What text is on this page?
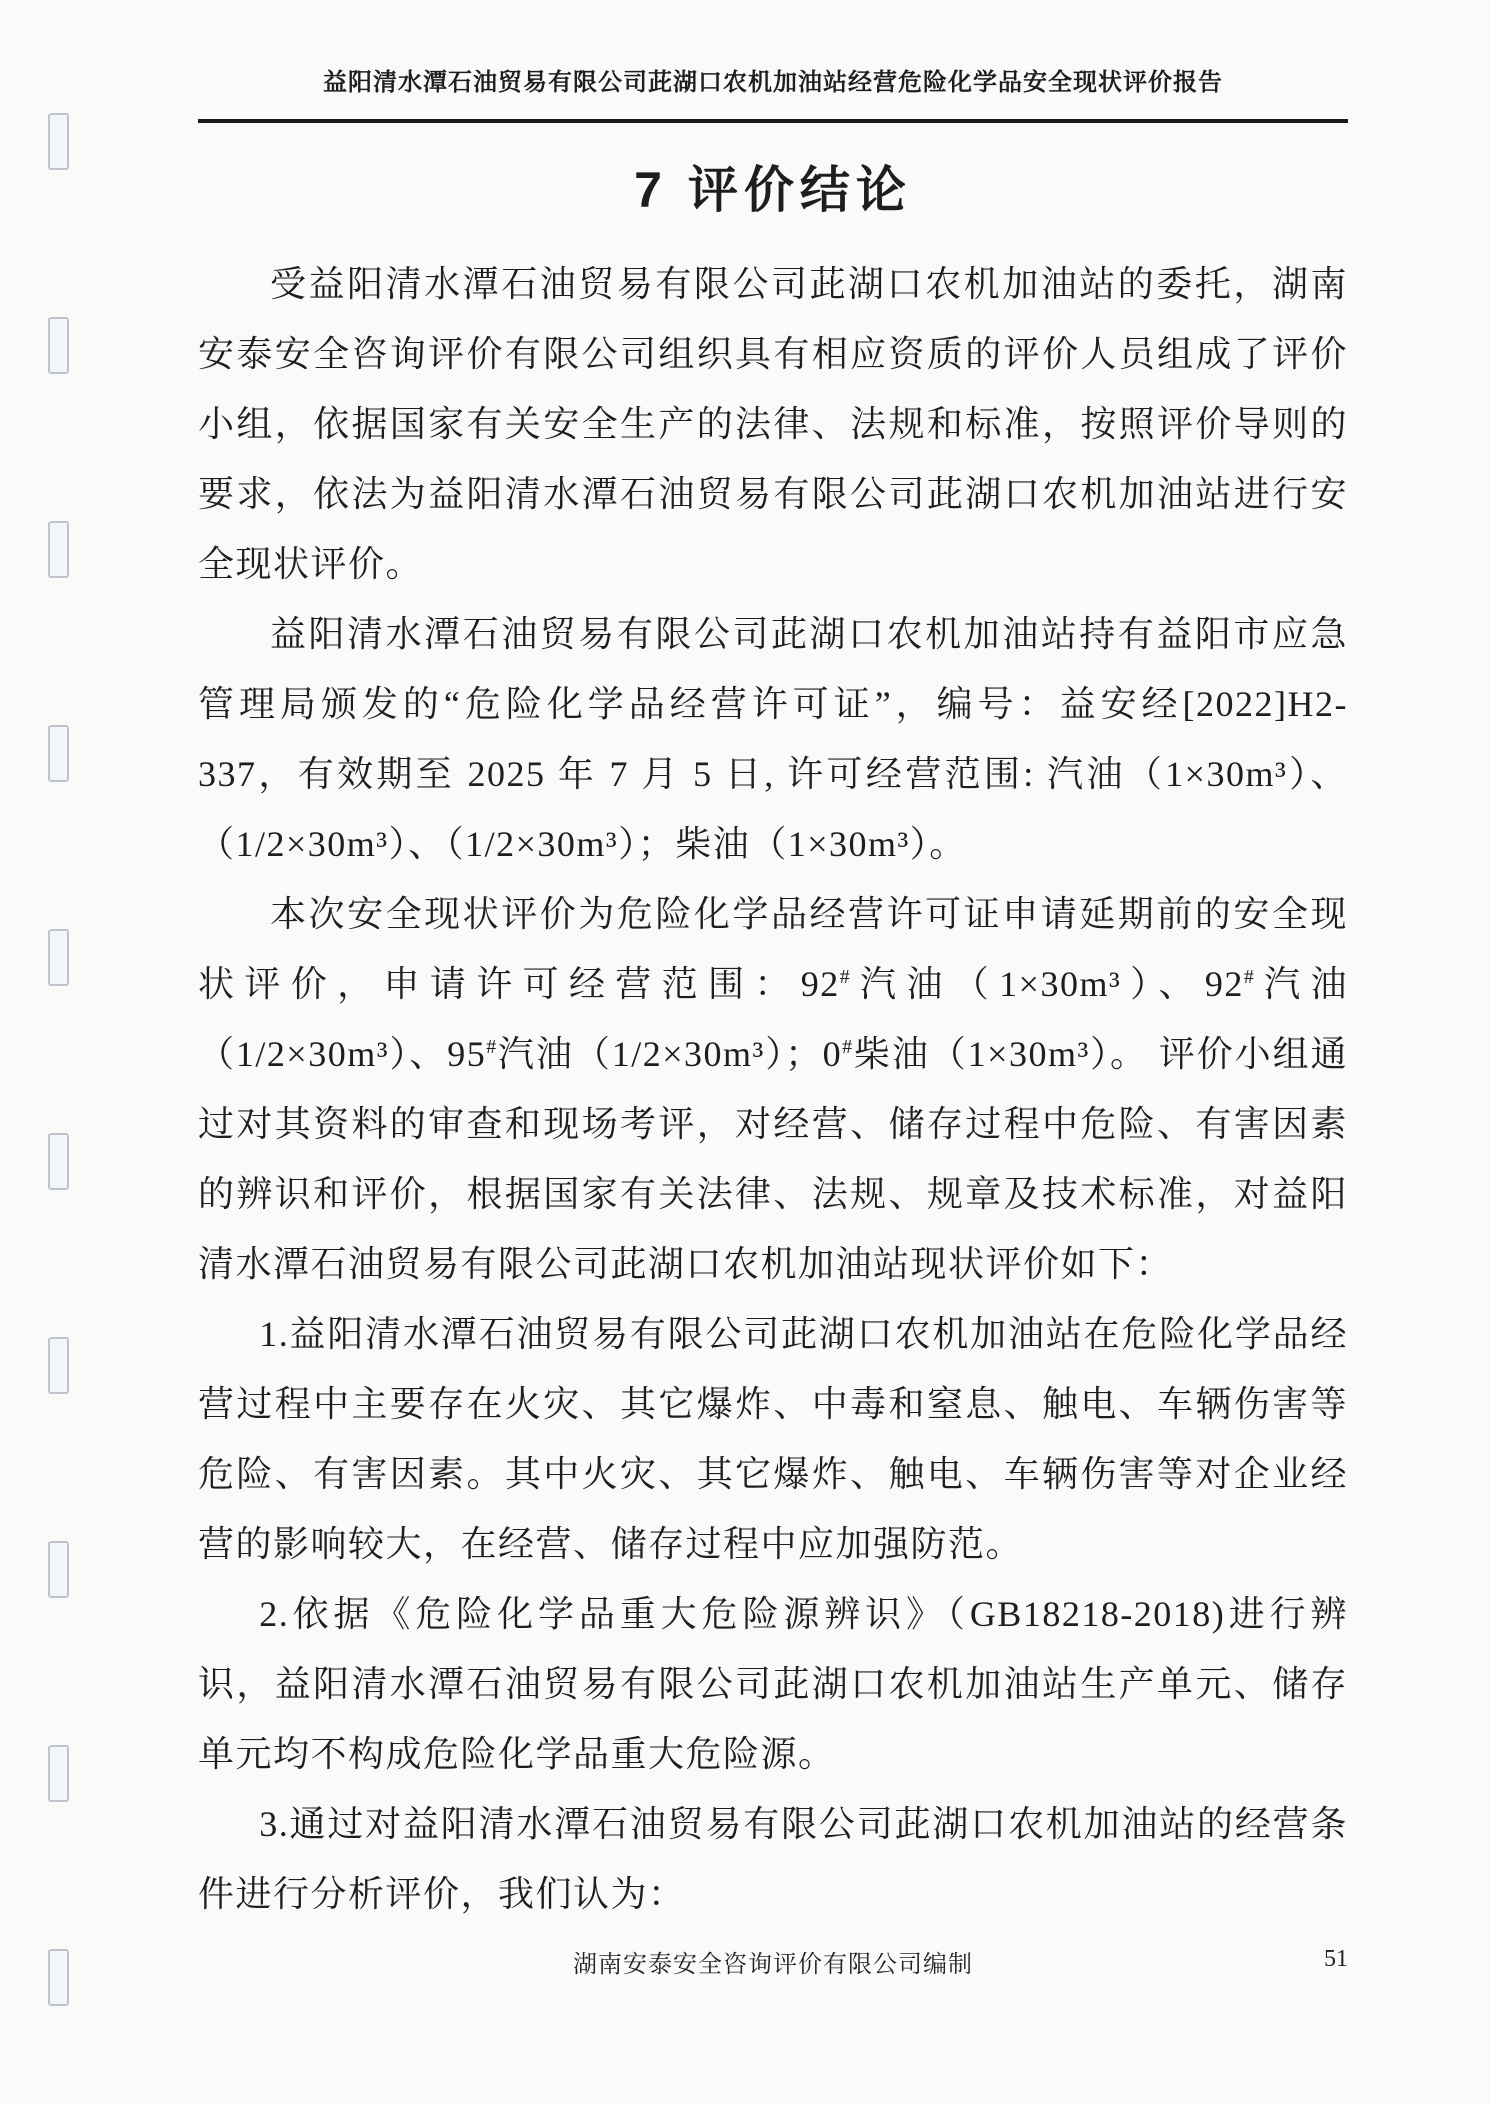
益阳清水潭石油贸易有限公司茈湖口农机加油站经营危险化学品安全现状评价报告
7 评价结论

受益阳清水潭石油贸易有限公司茈湖口农机加油站的委托，湖南安泰安全咨询评价有限公司组织具有相应资质的评价人员组成了评价小组，依据国家有关安全生产的法律、法规和标准，按照评价导则的要求，依法为益阳清水潭石油贸易有限公司茈湖口农机加油站进行安全现状评价。

益阳清水潭石油贸易有限公司茈湖口农机加油站持有益阳市应急管理局颁发的“危险化学品经营许可证”，编号：益安经[2022]H2-337，有效期至 2025 年 7 月 5 日, 许可经营范围: 汽油（1×30m³）、（1/2×30m³）、（1/2×30m³）；柴油（1×30m³）。

本次安全现状评价为危险化学品经营许可证申请延期前的安全现状评价，申请许可经营范围：92#汽油（1×30m³）、92#汽油（1/2×30m³）、95#汽油（1/2×30m³）；0#柴油（1×30m³）。 评价小组通过对其资料的审查和现场考评，对经营、储存过程中危险、有害因素的辨识和评价，根据国家有关法律、法规、规章及技术标准，对益阳清水潭石油贸易有限公司茈湖口农机加油站现状评价如下：

1.益阳清水潭石油贸易有限公司茈湖口农机加油站在危险化学品经营过程中主要存在火灾、其它爆炸、中毒和窒息、触电、车辆伤害等危险、有害因素。其中火灾、其它爆炸、触电、车辆伤害等对企业经营的影响较大，在经营、储存过程中应加强防范。

2.依据《危险化学品重大危险源辨识》（GB18218-2018)进行辨识，益阳清水潭石油贸易有限公司茈湖口农机加油站生产单元、储存单元均不构成危险化学品重大危险源。

3.通过对益阳清水潭石油贸易有限公司茈湖口农机加油站的经营条件进行分析评价，我们认为：

湖南安泰安全咨询评价有限公司编制	51
